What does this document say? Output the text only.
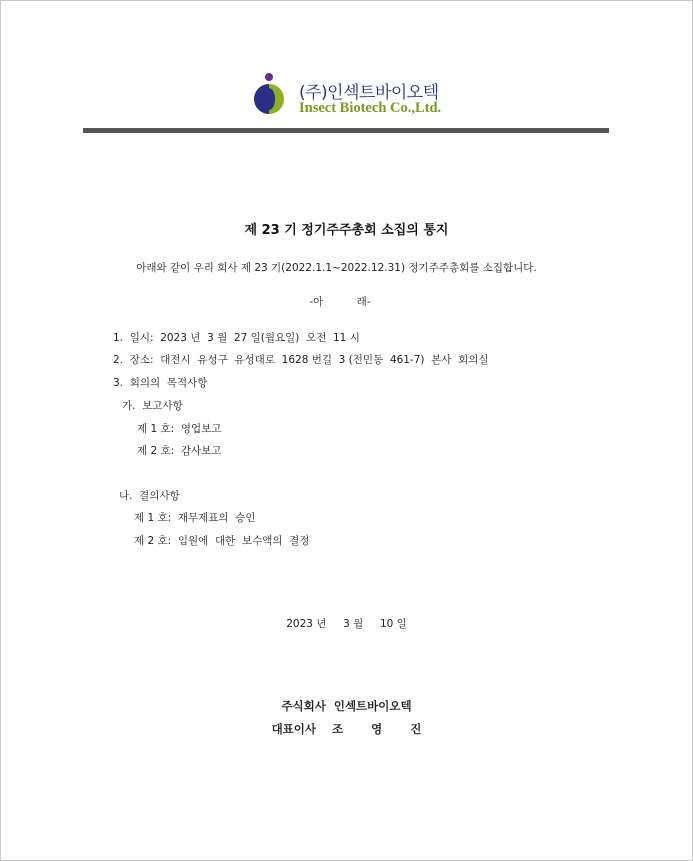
(주)인섹트바이오텍
Insect Biotech Co.,Ltd.
제 23 기 정기주주총회 소집의 통지
아래와 같이 우리 회사 제 23 기(2022.1.1~2022.12.31) 정기주주총회를 소집합니다.
-아          래-
1.  일시:  2023 년  3 월  27 일(월요일)  오전  11 시
2.  장소:  대전시  유성구  유성대로  1628 번길  3 (전민동  461-7)  본사  회의실
3.  회의의  목적사항
가.  보고사항
제 1 호:  영업보고
제 2 호:  감사보고
나.  결의사항
제 1 호:  재무제표의  승인
제 2 호:  임원에  대한  보수액의  결정
2023 년     3 월     10 일
주식회사  인섹트바이오텍
대표이사    조       영       진
